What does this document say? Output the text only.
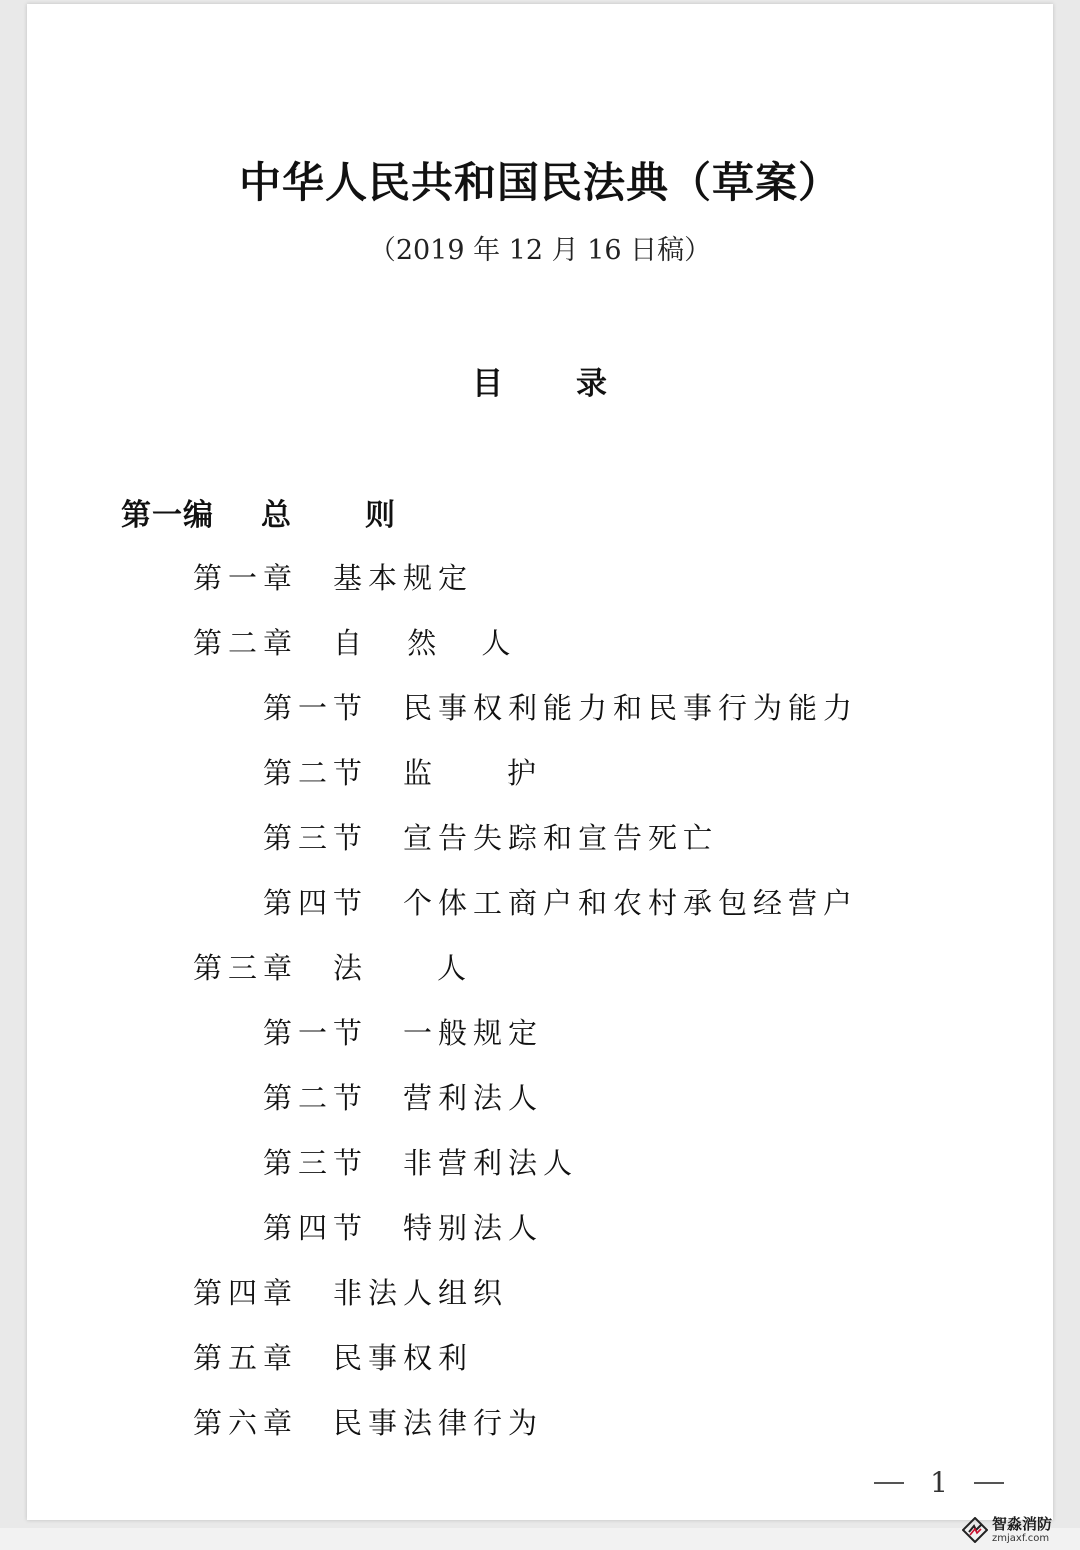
中华人民共和国民法典（草案）
（2019 年 12 月 16 日稿）
目 录
第一编 总 则
第一章 基本规定
第二章 自 然 人
第一节 民事权利能力和民事行为能力
第二节 监 护
第三节 宣告失踪和宣告死亡
第四节 个体工商户和农村承包经营户
第三章 法 人
第一节 一般规定
第二节 营利法人
第三节 非营利法人
第四节 特别法人
第四章 非法人组织
第五章 民事权利
第六章 民事法律行为
1
智淼消防
zmjaxf.com
